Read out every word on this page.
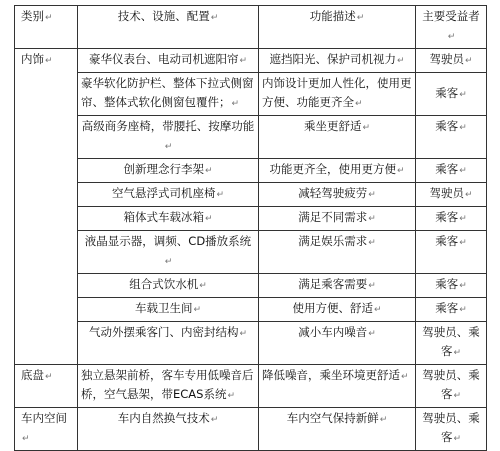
类别↵	技术、设施、配置↵	功能描述↵	主要受益者↵
内饰↵	豪华仪表台、电动司机遮阳帘↵	遮挡阳光、保护司机视力↵	驾驶员↵
	豪华软化防护栏、整体下拉式侧窗帘、整体式软化侧窗包覆件；↵	内饰设计更加人性化，使用更方便、功能更齐全↵	乘客↵
	高级商务座椅，带腰托、按摩功能↵	乘坐更舒适↵	乘客↵
	创新理念行李架↵	功能更齐全，使用更方便↵	乘客↵
	空气悬浮式司机座椅↵	减轻驾驶疲劳↵	驾驶员↵
	箱体式车载冰箱↵	满足不同需求↵	乘客↵
	液晶显示器，调频、CD播放系统↵	满足娱乐需求↵	乘客↵
	组合式饮水机↵	满足乘客需要↵	乘客↵
	车载卫生间↵	使用方便、舒适↵	乘客↵
	气动外摆乘客门、内密封结构↵	减小车内噪音↵	驾驶员、乘客↵
底盘↵	独立悬架前桥，客车专用低噪音后桥，空气悬架，带ECAS系统↵	降低噪音，乘坐环境更舒适↵	驾驶员、乘客↵
车内空间↵	车内自然换气技术↵	车内空气保持新鲜↵	驾驶员、乘客↵
